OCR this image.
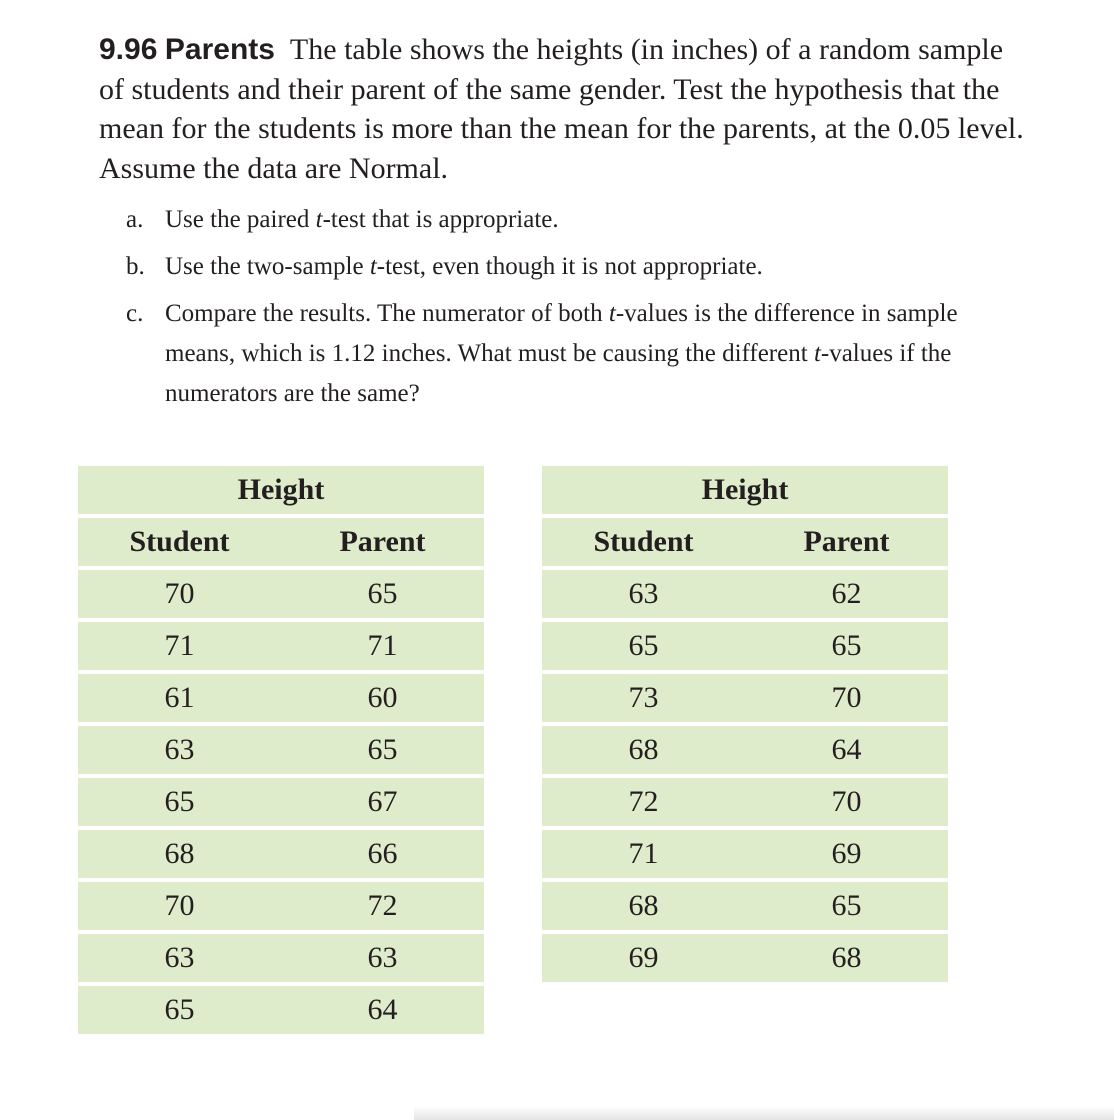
9.96 Parents The table shows the heights (in inches) of a random sample of students and their parent of the same gender. Test the hypothesis that the mean for the students is more than the mean for the parents, at the 0.05 level. Assume the data are Normal.

a. Use the paired t-test that is appropriate.
b. Use the two-sample t-test, even though it is not appropriate.
c. Compare the results. The numerator of both t-values is the difference in sample means, which is 1.12 inches. What must be causing the different t-values if the numerators are the same?
Height	
Student	Parent
70	65
71	71
61	60
63	65
65	67
68	66
70	72
63	63
65	64
Height	
Student	Parent
63	62
65	65
73	70
68	64
72	70
71	69
68	65
69	68
